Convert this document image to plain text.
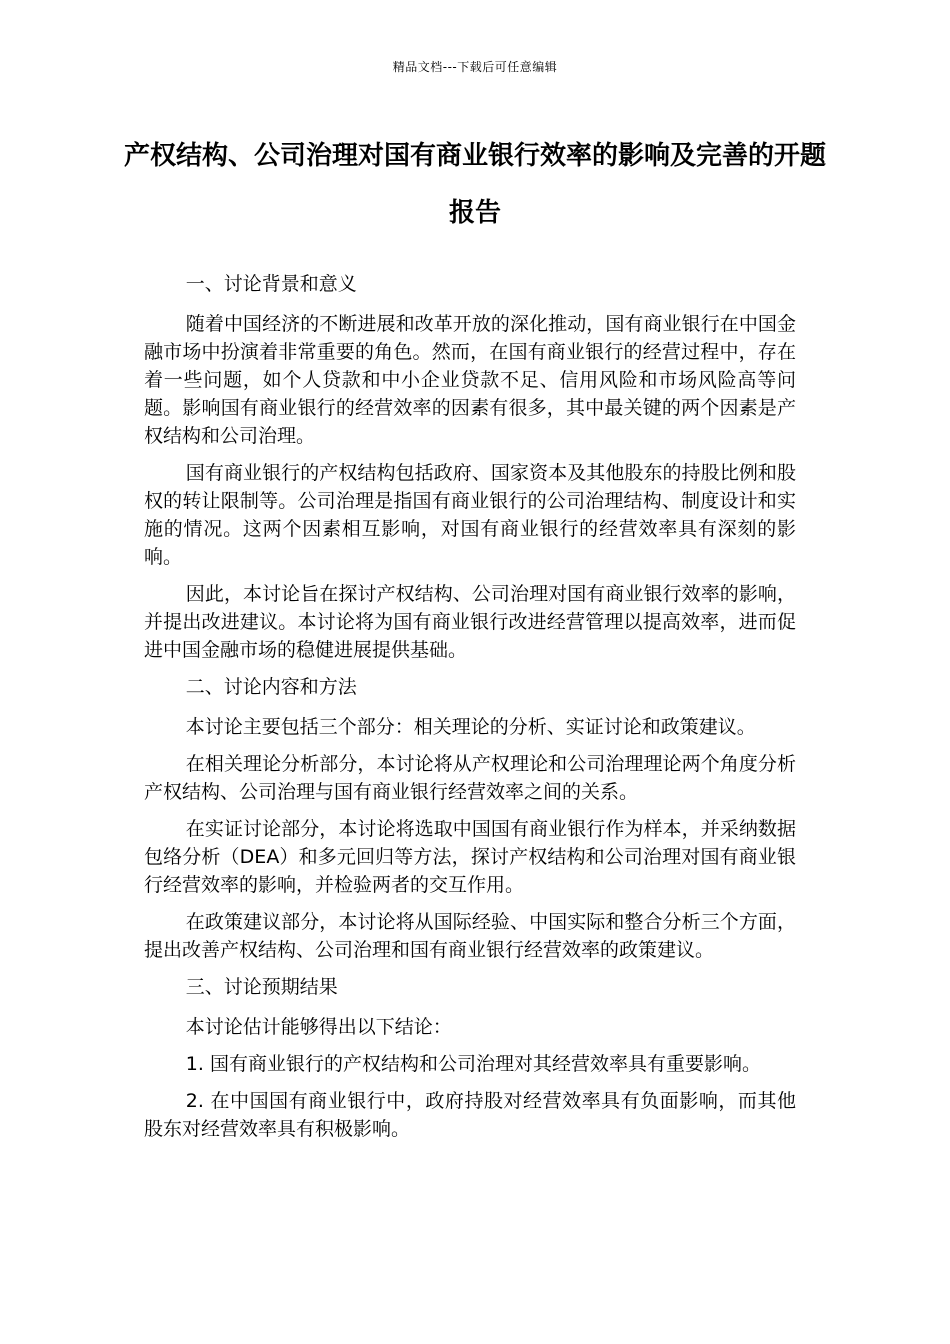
精品文档---下载后可任意编辑
产权结构、公司治理对国有商业银行效率的影响及完善的开题报告

一、讨论背景和意义

随着中国经济的不断进展和改革开放的深化推动，国有商业银行在中国金融市场中扮演着非常重要的角色。然而，在国有商业银行的经营过程中，存在着一些问题，如个人贷款和中小企业贷款不足、信用风险和市场风险高等问题。影响国有商业银行的经营效率的因素有很多，其中最关键的两个因素是产权结构和公司治理。

国有商业银行的产权结构包括政府、国家资本及其他股东的持股比例和股权的转让限制等。公司治理是指国有商业银行的公司治理结构、制度设计和实施的情况。这两个因素相互影响，对国有商业银行的经营效率具有深刻的影响。

因此，本讨论旨在探讨产权结构、公司治理对国有商业银行效率的影响，并提出改进建议。本讨论将为国有商业银行改进经营管理以提高效率，进而促进中国金融市场的稳健进展提供基础。

二、讨论内容和方法

本讨论主要包括三个部分：相关理论的分析、实证讨论和政策建议。

在相关理论分析部分，本讨论将从产权理论和公司治理理论两个角度分析产权结构、公司治理与国有商业银行经营效率之间的关系。

在实证讨论部分，本讨论将选取中国国有商业银行作为样本，并采纳数据包络分析（DEA）和多元回归等方法，探讨产权结构和公司治理对国有商业银行经营效率的影响，并检验两者的交互作用。

在政策建议部分，本讨论将从国际经验、中国实际和整合分析三个方面，提出改善产权结构、公司治理和国有商业银行经营效率的政策建议。

三、讨论预期结果

本讨论估计能够得出以下结论：

1. 国有商业银行的产权结构和公司治理对其经营效率具有重要影响。

2. 在中国国有商业银行中，政府持股对经营效率具有负面影响，而其他股东对经营效率具有积极影响。
